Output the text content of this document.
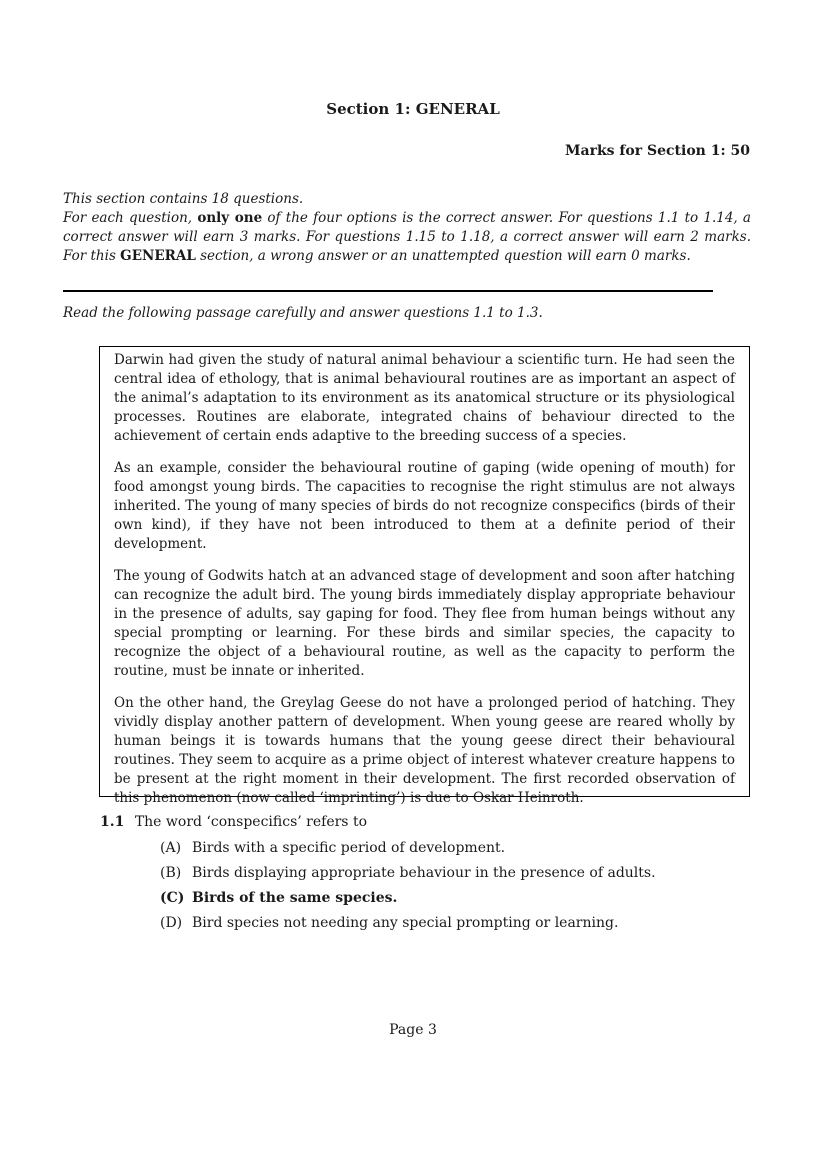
Section 1: GENERAL
Marks for Section 1: 50
This section contains 18 questions.
For each question, only one of the four options is the correct answer. For questions 1.1 to 1.14, a correct answer will earn 3 marks. For questions 1.15 to 1.18, a correct answer will earn 2 marks. For this GENERAL section, a wrong answer or an unattempted question will earn 0 marks.
Read the following passage carefully and answer questions 1.1 to 1.3.

Darwin had given the study of natural animal behaviour a scientific turn. He had seen the central idea of ethology, that is animal behavioural routines are as important an aspect of the animal’s adaptation to its environment as its anatomical structure or its physiological processes. Routines are elaborate, integrated chains of behaviour directed to the achievement of certain ends adaptive to the breeding success of a species.

As an example, consider the behavioural routine of gaping (wide opening of mouth) for food amongst young birds. The capacities to recognise the right stimulus are not always inherited. The young of many species of birds do not recognize conspecifics (birds of their own kind), if they have not been introduced to them at a definite period of their development.

The young of Godwits hatch at an advanced stage of development and soon after hatching can recognize the adult bird. The young birds immediately display appropriate behaviour in the presence of adults, say gaping for food. They flee from human beings without any special prompting or learning. For these birds and similar species, the capacity to recognize the object of a behavioural routine, as well as the capacity to perform the routine, must be innate or inherited.

On the other hand, the Greylag Geese do not have a prolonged period of hatching. They vividly display another pattern of development. When young geese are reared wholly by human beings it is towards humans that the young geese direct their behavioural routines. They seem to acquire as a prime object of interest whatever creature happens to be present at the right moment in their development. The first recorded observation of this phenomenon (now called ‘imprinting’) is due to Oskar Heinroth.

1.1 The word ‘conspecifics’ refers to
(A) Birds with a specific period of development.
(B) Birds displaying appropriate behaviour in the presence of adults.
(C) Birds of the same species.
(D) Bird species not needing any special prompting or learning.
Page 3
